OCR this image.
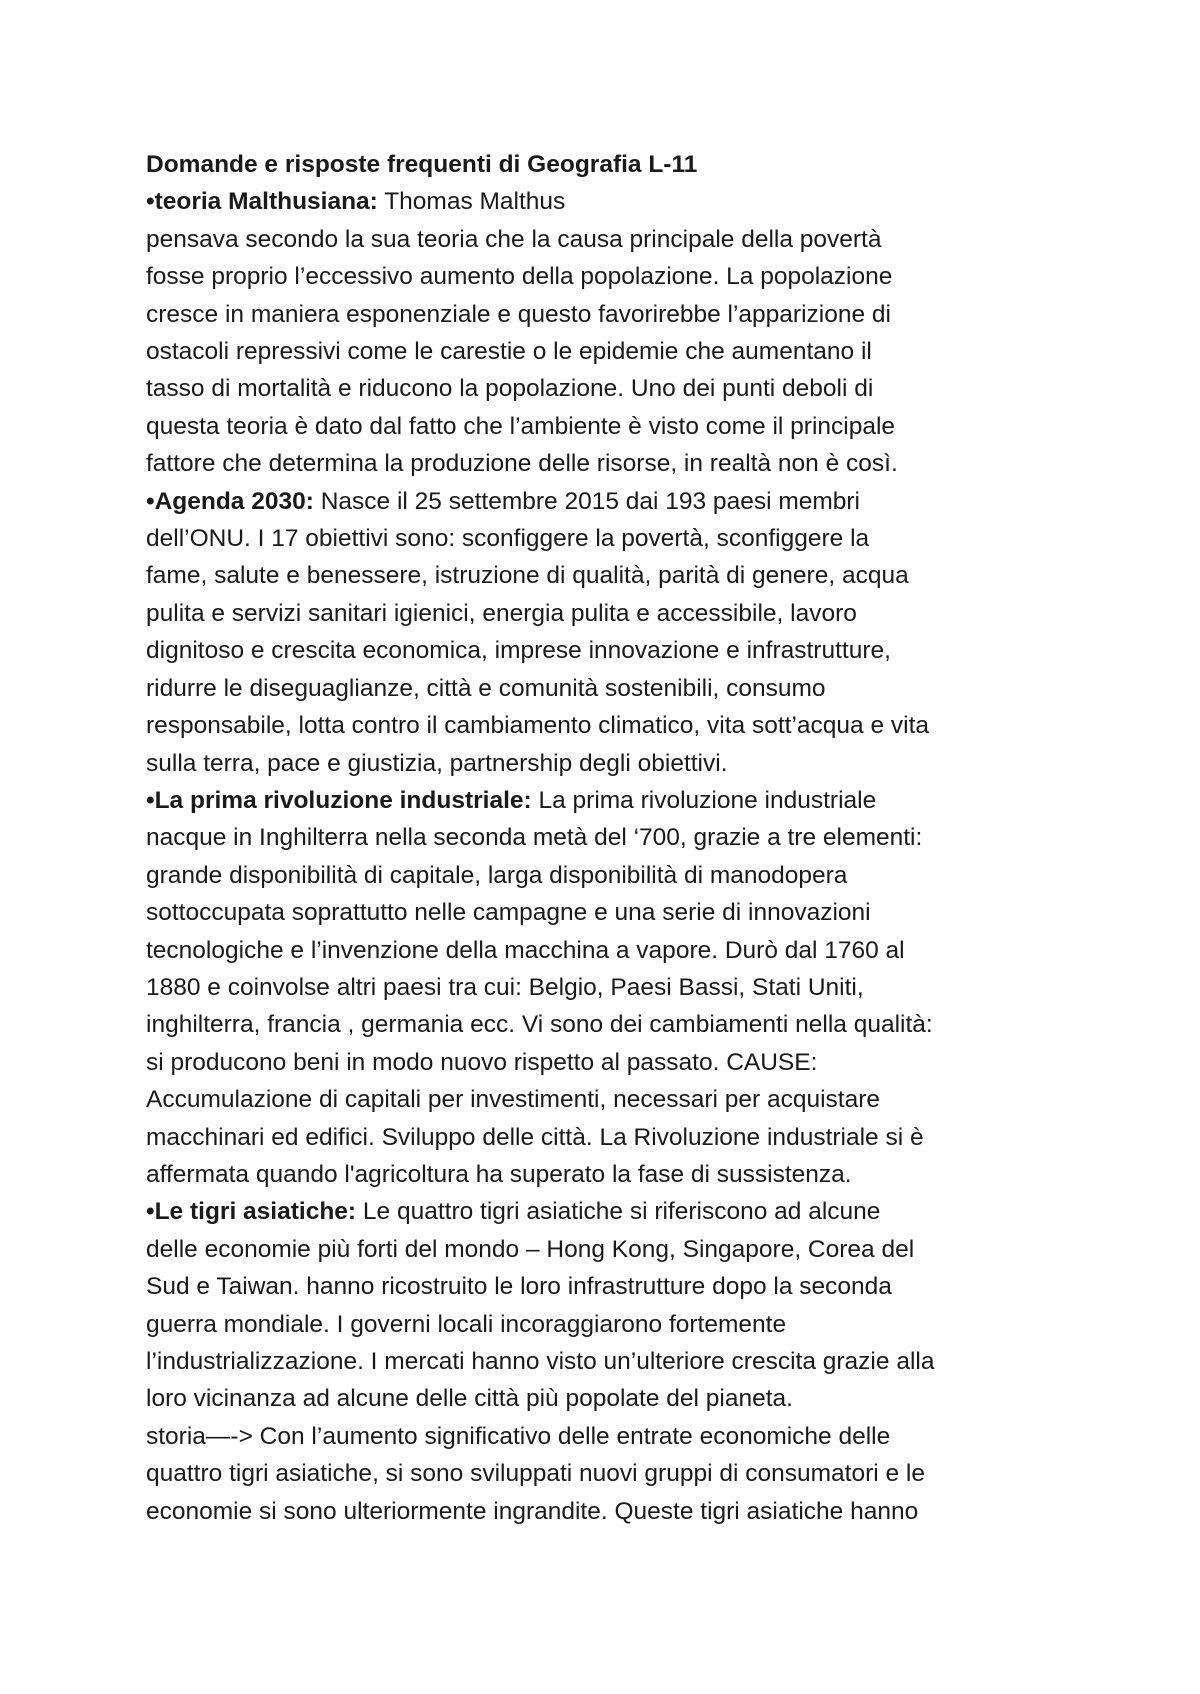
Domande e risposte frequenti di Geografia L-11
•teoria Malthusiana: Thomas Malthus
pensava secondo la sua teoria che la causa principale della povertà
fosse proprio l’eccessivo aumento della popolazione. La popolazione
cresce in maniera esponenziale e questo favorirebbe l’apparizione di
ostacoli repressivi come le carestie o le epidemie che aumentano il
tasso di mortalità e riducono la popolazione. Uno dei punti deboli di
questa teoria è dato dal fatto che l’ambiente è visto come il principale
fattore che determina la produzione delle risorse, in realtà non è così.
•Agenda 2030: Nasce il 25 settembre 2015 dai 193 paesi membri
dell’ONU. I 17 obiettivi sono: sconfiggere la povertà, sconfiggere la
fame, salute e benessere, istruzione di qualità, parità di genere, acqua
pulita e servizi sanitari igienici, energia pulita e accessibile, lavoro
dignitoso e crescita economica, imprese innovazione e infrastrutture,
ridurre le diseguaglianze, città e comunità sostenibili, consumo
responsabile, lotta contro il cambiamento climatico, vita sott’acqua e vita
sulla terra, pace e giustizia, partnership degli obiettivi.
•La prima rivoluzione industriale: La prima rivoluzione industriale
nacque in Inghilterra nella seconda metà del ‘700, grazie a tre elementi:
grande disponibilità di capitale, larga disponibilità di manodopera
sottoccupata soprattutto nelle campagne e una serie di innovazioni
tecnologiche e l’invenzione della macchina a vapore. Durò dal 1760 al
1880 e coinvolse altri paesi tra cui: Belgio, Paesi Bassi, Stati Uniti,
inghilterra, francia , germania ecc. Vi sono dei cambiamenti nella qualità:
si producono beni in modo nuovo rispetto al passato. CAUSE:
Accumulazione di capitali per investimenti, necessari per acquistare
macchinari ed edifici. Sviluppo delle città. La Rivoluzione industriale si è
affermata quando l'agricoltura ha superato la fase di sussistenza.
•Le tigri asiatiche: Le quattro tigri asiatiche si riferiscono ad alcune
delle economie più forti del mondo – Hong Kong, Singapore, Corea del
Sud e Taiwan. hanno ricostruito le loro infrastrutture dopo la seconda
guerra mondiale. I governi locali incoraggiarono fortemente
l’industrializzazione. I mercati hanno visto un’ulteriore crescita grazie alla
loro vicinanza ad alcune delle città più popolate del pianeta.
storia—-> Con l’aumento significativo delle entrate economiche delle
quattro tigri asiatiche, si sono sviluppati nuovi gruppi di consumatori e le
economie si sono ulteriormente ingrandite. Queste tigri asiatiche hanno
